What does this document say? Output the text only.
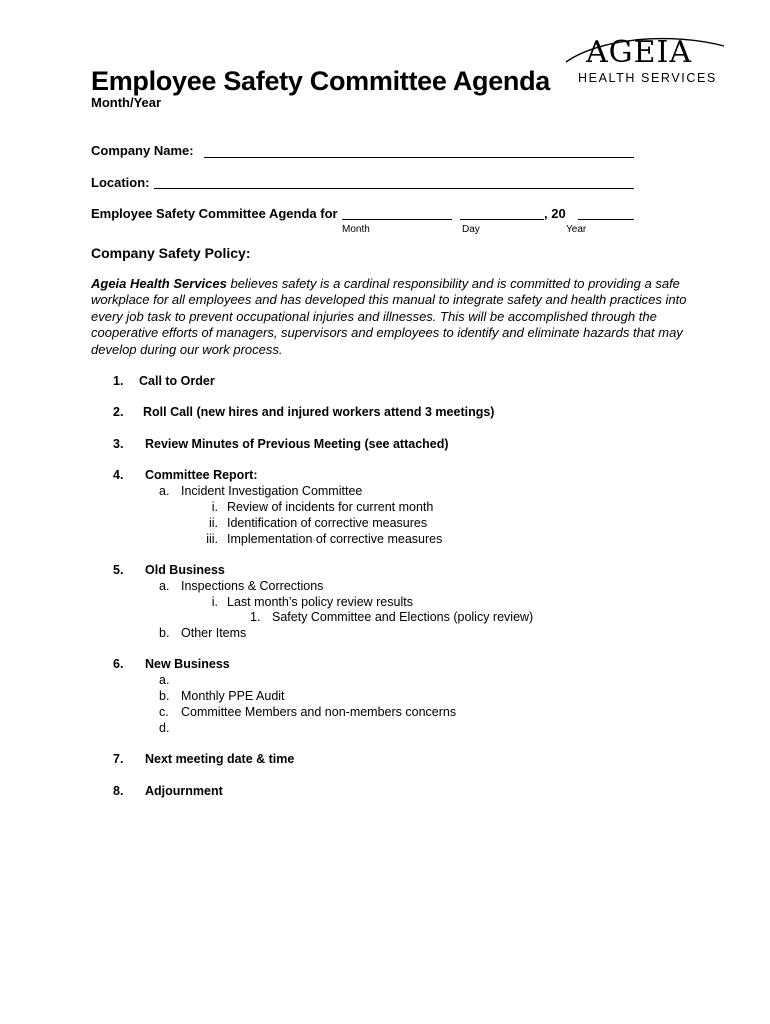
AGEIA
HEALTH SERVICES
Employee Safety Committee Agenda
Month/Year
Company Name:
Location:
Employee Safety Committee Agenda for	, 20
Month	Day	Year
Company Safety Policy:
Ageia Health Services believes safety is a cardinal responsibility and is committed to providing a safe workplace for all employees and has developed this manual to integrate safety and health practices into every job task to prevent occupational injuries and illnesses. This will be accomplished through the cooperative efforts of managers, supervisors and employees to identify and eliminate hazards that may develop during our work process.
1. Call to Order
2. Roll Call (new hires and injured workers attend 3 meetings)
3. Review Minutes of Previous Meeting (see attached)
4. Committee Report:
a. Incident Investigation Committee
i. Review of incidents for current month
ii. Identification of corrective measures
iii. Implementation of corrective measures
5. Old Business
a. Inspections & Corrections
i. Last month’s policy review results
1. Safety Committee and Elections (policy review)
b. Other Items
6. New Business
a.
b. Monthly PPE Audit
c. Committee Members and non-members concerns
d.
7. Next meeting date & time
8. Adjournment
